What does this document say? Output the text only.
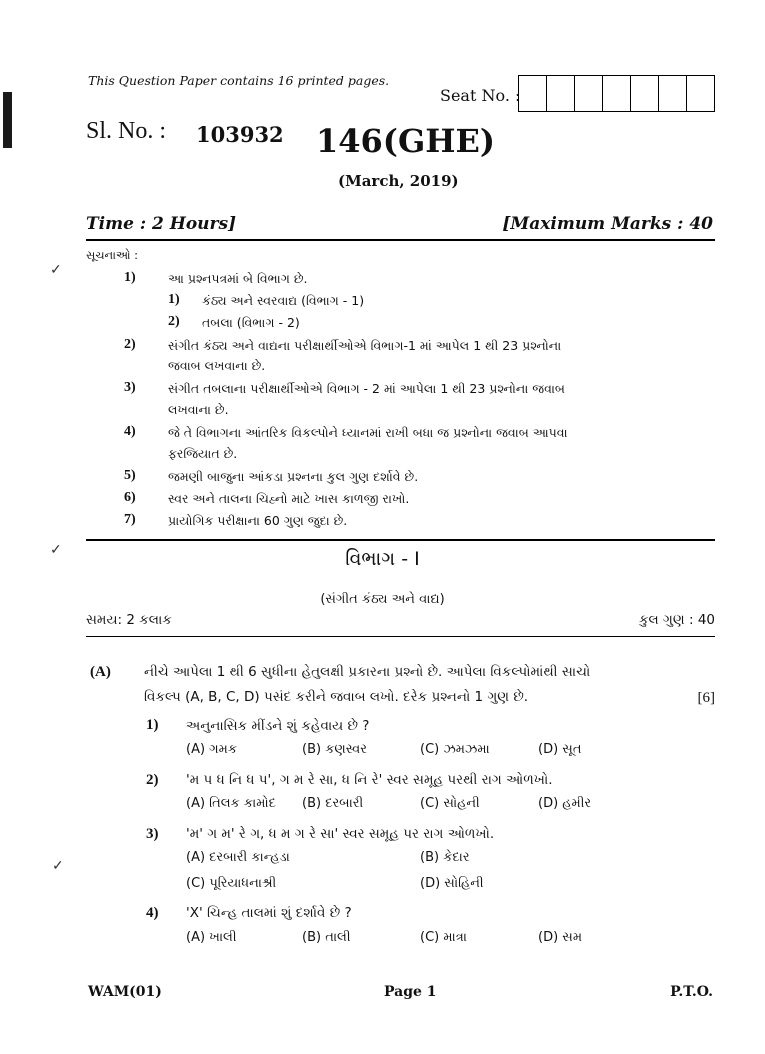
✓
✓
✓
This Question Paper contains 16 printed pages.
Seat No. :
Sl. No. : 103932 146(GHE)
(March, 2019)
Time : 2 Hours]	[Maximum Marks : 40
સૂચનાઓ :
1)	આ પ્રશ્નપત્રમાં બે વિભાગ છે.
1) કંઠ્ય અને સ્વરવાદ્ય (વિભાગ - 1)
2) તબલા (વિભાગ - 2)
2)	સંગીત કંઠ્ય અને વાદ્યના પરીક્ષાર્થીઓએ વિભાગ-1 માં આપેલ 1 થી 23 પ્રશ્નોના
જવાબ લખવાના છે.
3)	સંગીત તબલાના પરીક્ષાર્થીઓએ વિભાગ - 2 માં આપેલા 1 થી 23 પ્રશ્નોના જવાબ
લખવાના છે.
4)	જે તે વિભાગના આંતરિક વિકલ્પોને ધ્યાનમાં રાખી બધા જ પ્રશ્નોના જવાબ આપવા
ફરજિયાત છે.
5)	જમણી બાજુના આંકડા પ્રશ્નના કુલ ગુણ દર્શાવે છે.
6)	સ્વર અને તાલના ચિહ્નો માટે ખાસ કાળજી રાખો.
7)	પ્રાયોગિક પરીક્ષાના 60 ગુણ જુદા છે.
વિભાગ - I
(સંગીત કંઠ્ય અને વાદ્ય)
સમય: 2 કલાક	કુલ ગુણ : 40
(A) નીચે આપેલા 1 થી 6 સુધીના હેતુલક્ષી પ્રકારના પ્રશ્નો છે. આપેલા વિકલ્પોમાંથી સાચો
વિકલ્પ (A, B, C, D) પસંદ કરીને જવાબ લખો. દરેક પ્રશ્નનો 1 ગુણ છે.	[6]
1) અનુનાસિક મીંડને શું કહેવાય છે ?
(A) ગમક	(B) કણસ્વર	(C) ઝમઝમા	(D) સૂત
2) 'મ પ ધ નિ ધ પ', ગ મ રે સા, ધ નિ રે' સ્વર સમૂહ પરથી રાગ ઓળખો.
(A) તિલક કામોદ (B) દરબારી	(C) સોહની	(D) હમીર
3) 'મ' ગ મ' રે ગ, ધ મ ગ રે સા' સ્વર સમૂહ પર રાગ ઓળખો.
(A) દરબારી કાન્હડા	(B) કેદાર
(C) પૂરિયાધનાશ્રી	(D) સોહિની
4) 'X' ચિન્હ તાલમાં શું દર્શાવે છે ?
(A) ખાલી	(B) તાલી	(C) માત્રા	(D) સમ
WAM(01)	Page 1	P.T.O.
